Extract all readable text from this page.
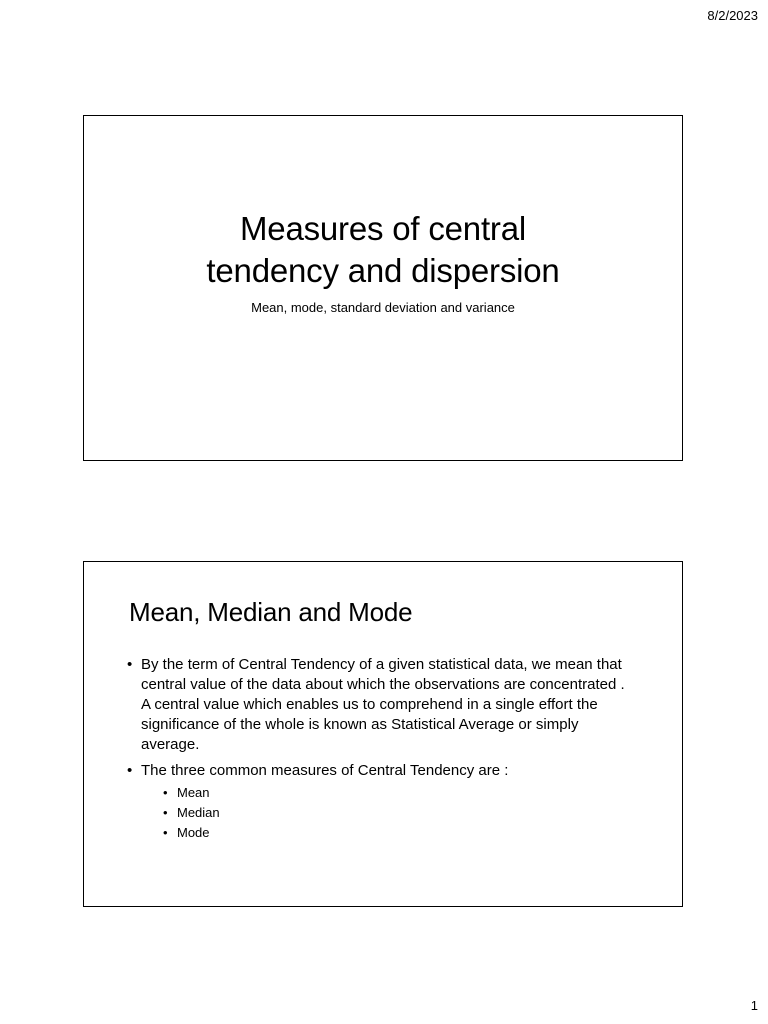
8/2/2023
Measures of central
tendency and dispersion
Mean, mode, standard deviation and variance
Mean, Median and Mode
• By the term of Central Tendency of a given statistical data, we mean that central value of the data about which the observations are concentrated . A central value which enables us to comprehend in a single effort the significance of the whole is known as Statistical Average or simply average.
• The three common measures of Central Tendency are :
• Mean
• Median
• Mode
1
